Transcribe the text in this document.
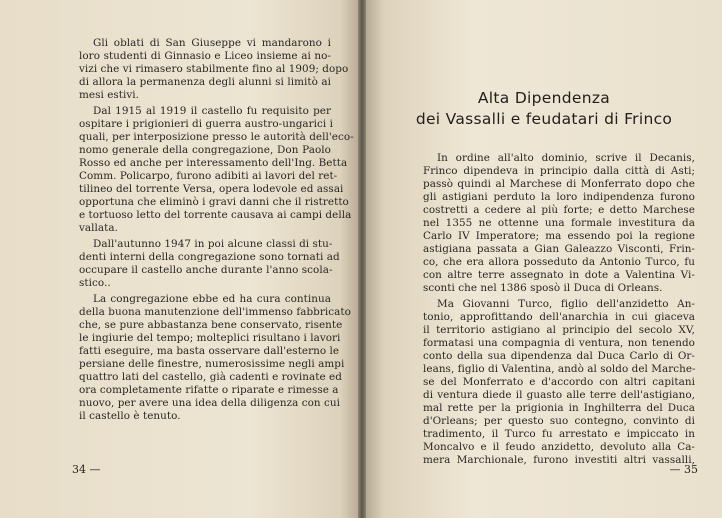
Gli oblati di San Giuseppe vi mandarono i
loro studenti di Ginnasio e Liceo insieme ai no-
vizi che vi rimasero stabilmente fino al 1909; dopo
di allora la permanenza degli alunni si limitò ai
mesi estivi.
Dal 1915 al 1919 il castello fu requisito per
ospitare i prigionieri di guerra austro-ungarici i
quali, per interposizione presso le autorità dell'eco-
nomo generale della congregazione, Don Paolo
Rosso ed anche per interessamento dell'Ing. Betta
Comm. Policarpo, furono adibiti ai lavori del ret-
tilineo del torrente Versa, opera lodevole ed assai
opportuna che eliminò i gravi danni che il ristretto
e tortuoso letto del torrente causava ai campi della
vallata.
Dall'autunno 1947 in poi alcune classi di stu-
denti interni della congregazione sono tornati ad
occupare il castello anche durante l'anno scola-
stico..
La congregazione ebbe ed ha cura continua
della buona manutenzione dell'immenso fabbricato
che, se pure abbastanza bene conservato, risente
le ingiurie del tempo; molteplici risultano i lavori
fatti eseguire, ma basta osservare dall'esterno le
persiane delle finestre, numerosissime negli ampi
quattro lati del castello, già cadenti e rovinate ed
ora completamente rifatte o riparate e rimesse a
nuovo, per avere una idea della diligenza con cui
il castello è tenuto.
34 —
Alta Dipendenza
dei Vassalli e feudatari di Frinco
In ordine all'alto dominio, scrive il Decanis,
Frinco dipendeva in principio dalla città di Asti;
passò quindi al Marchese di Monferrato dopo che
gli astigiani perduto la loro indipendenza furono
costretti a cedere al più forte; e detto Marchese
nel 1355 ne ottenne una formale investitura da
Carlo IV Imperatore; ma essendo poi la regione
astigiana passata a Gian Galeazzo Visconti, Frin-
co, che era allora posseduto da Antonio Turco, fu
con altre terre assegnato in dote a Valentina Vi-
sconti che nel 1386 sposò il Duca di Orleans.
Ma Giovanni Turco, figlio dell'anzidetto An-
tonio, approfittando dell'anarchia in cui giaceva
il territorio astigiano al principio del secolo XV,
formatasi una compagnia di ventura, non tenendo
conto della sua dipendenza dal Duca Carlo di Or-
leans, figlio di Valentina, andò al soldo del Marche-
se del Monferrato e d'accordo con altri capitani
di ventura diede il guasto alle terre dell'astigiano,
mal rette per la prigionia in Inghilterra del Duca
d'Orleans; per questo suo contegno, convinto di
tradimento, il Turco fu arrestato e impiccato in
Moncalvo e il feudo anzidetto, devoluto alla Ca-
mera Marchionale, furono investiti altri vassalli,
— 35
